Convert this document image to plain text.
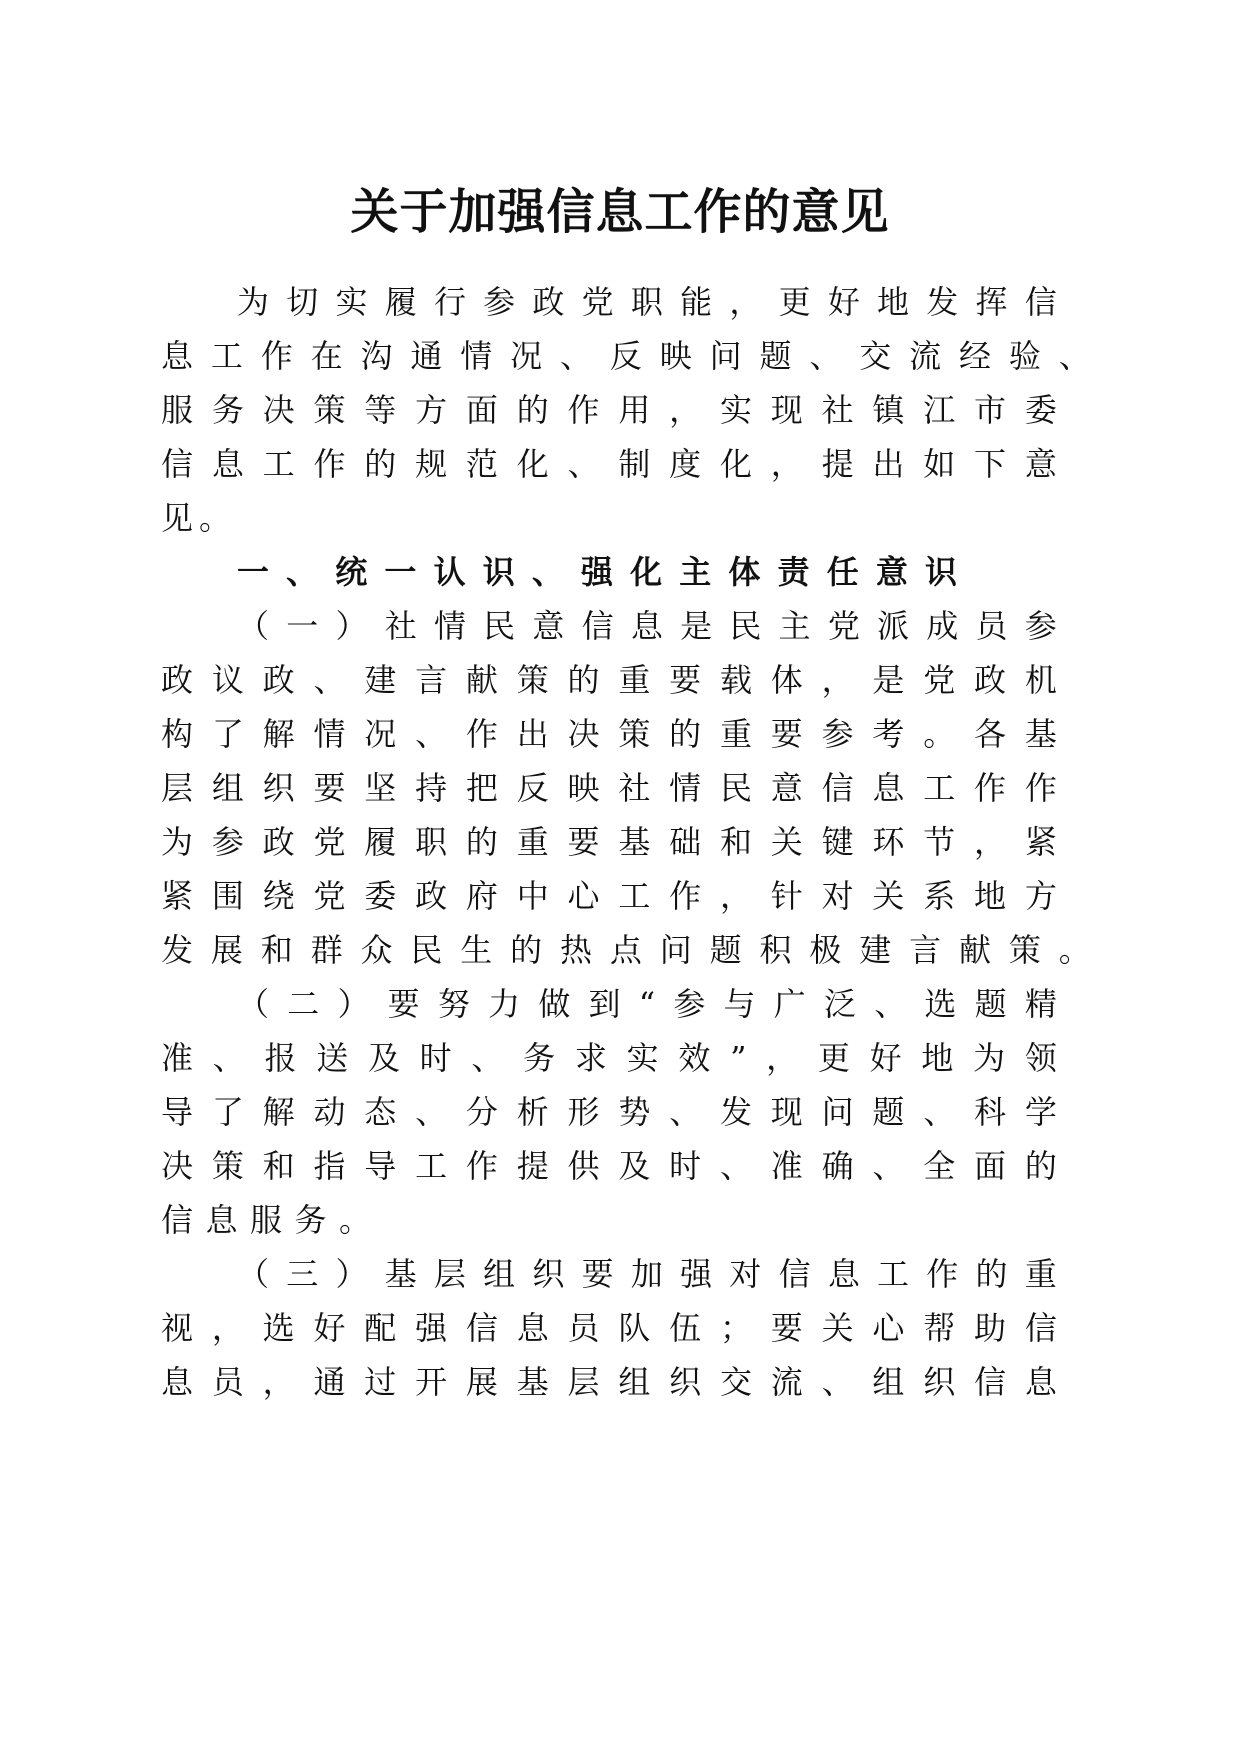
关于加强信息工作的意见
为 切 实 履 行 参 政 党 职 能 ， 更 好 地 发 挥 信
息 工 作 在 沟 通 情 况 、 反 映 问 题 、 交 流 经 验 、
服 务 决 策 等 方 面 的 作 用 ， 实 现 社 镇 江 市 委
信 息 工 作 的 规 范 化 、 制 度 化 ， 提 出 如 下 意
见 。
一 、 统 一 认 识 、 强 化 主 体 责 任 意 识
（ 一 ） 社 情 民 意 信 息 是 民 主 党 派 成 员 参
政 议 政 、 建 言 献 策 的 重 要 载 体 ， 是 党 政 机
构 了 解 情 况 、 作 出 决 策 的 重 要 参 考 。 各 基
层 组 织 要 坚 持 把 反 映 社 情 民 意 信 息 工 作 作
为 参 政 党 履 职 的 重 要 基 础 和 关 键 环 节 ， 紧
紧 围 绕 党 委 政 府 中 心 工 作 ， 针 对 关 系 地 方
发 展 和 群 众 民 生 的 热 点 问 题 积 极 建 言 献 策 。
（ 二 ） 要 努 力 做 到 “ 参 与 广 泛 、 选 题 精
准 、 报 送 及 时 、 务 求 实 效 ” ， 更 好 地 为 领
导 了 解 动 态 、 分 析 形 势 、 发 现 问 题 、 科 学
决 策 和 指 导 工 作 提 供 及 时 、 准 确 、 全 面 的
信 息 服 务 。
（ 三 ） 基 层 组 织 要 加 强 对 信 息 工 作 的 重
视 ， 选 好 配 强 信 息 员 队 伍 ； 要 关 心 帮 助 信
息 员 ， 通 过 开 展 基 层 组 织 交 流 、 组 织 信 息
